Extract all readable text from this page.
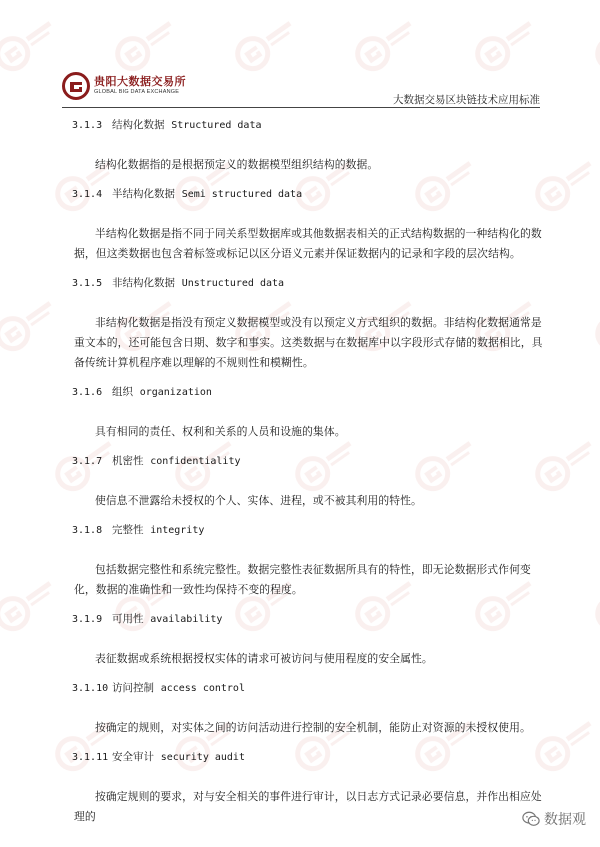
贵阳大数据交易所
GLOBAL BIG DATA EXCHANGE
大数据交易区块链技术应用标准

3.1.3 结构化数据 Structured data

结构化数据指的是根据预定义的数据模型组织结构的数据。

3.1.4 半结构化数据 Semi structured data

半结构化数据是指不同于同关系型数据库或其他数据表相关的正式结构数据的一种结构化的数据，但这类数据也包含着标签或标记以区分语义元素并保证数据内的记录和字段的层次结构。

3.1.5 非结构化数据 Unstructured data

非结构化数据是指没有预定义数据模型或没有以预定义方式组织的数据。非结构化数据通常是重文本的，还可能包含日期、数字和事实。这类数据与在数据库中以字段形式存储的数据相比，具备传统计算机程序难以理解的不规则性和模糊性。

3.1.6 组织 organization

具有相同的责任、权利和关系的人员和设施的集体。

3.1.7 机密性 confidentiality

使信息不泄露给未授权的个人、实体、进程，或不被其利用的特性。

3.1.8 完整性 integrity

包括数据完整性和系统完整性。数据完整性表征数据所具有的特性，即无论数据形式作何变化，数据的准确性和一致性均保持不变的程度。

3.1.9 可用性 availability

表征数据或系统根据授权实体的请求可被访问与使用程度的安全属性。

3.1.10 访问控制 access control

按确定的规则，对实体之间的访问活动进行控制的安全机制，能防止对资源的未授权使用。

3.1.11 安全审计 security audit

按确定规则的要求，对与安全相关的事件进行审计，以日志方式记录必要信息，并作出相应处理的	数据观
